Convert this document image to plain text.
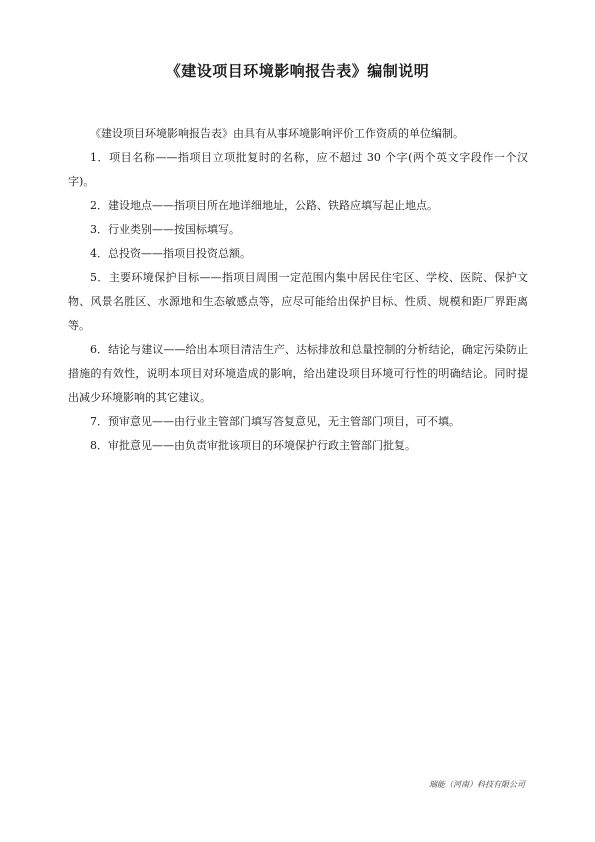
《建设项目环境影响报告表》编制说明

《建设项目环境影响报告表》由具有从事环境影响评价工作资质的单位编制。

1．项目名称——指项目立项批复时的名称，应不超过 30 个字(两个英文字段作一个汉字)。

2．建设地点——指项目所在地详细地址，公路、铁路应填写起止地点。

3．行业类别——按国标填写。

4．总投资——指项目投资总额。

5．主要环境保护目标——指项目周围一定范围内集中居民住宅区、学校、医院、保护文物、风景名胜区、水源地和生态敏感点等，应尽可能给出保护目标、性质、规模和距厂界距离等。

6．结论与建议——给出本项目清洁生产、达标排放和总量控制的分析结论，确定污染防止措施的有效性，说明本项目对环境造成的影响，给出建设项目环境可行性的明确结论。同时提出减少环境影响的其它建议。

7．预审意见——由行业主管部门填写答复意见，无主管部门项目，可不填。

8．审批意见——由负责审批该项目的环境保护行政主管部门批复。

瑞能（河南）科技有限公司
